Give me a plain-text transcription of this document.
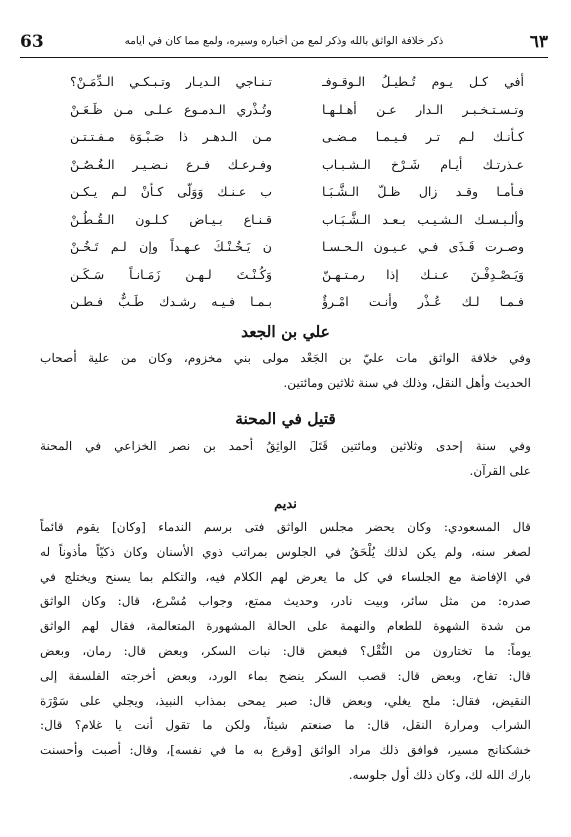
٦٣
ذكر خلافة الواثق بالله وذكر لمع من أخباره وسيره، ولمع مما كان في أيامه
63
أفي كـل يـوم تُـطيـلُ الـوقـوفـ
تـنـاجي الـديـار وتـبـكـي الـدِّمَـنْ؟
وتـسـتـخـبـر الـدار عـن أهـلـهـا
وتُـذْري الـدمـوع عـلـى مـن ظَـعَـنْ
كـأنـك لـم تـر فـيـمـا مـضـى
مـن الـدهـر ذا صَـبْـوَة مـفـتـتـن
عـذرتـك أيـام شَـرْخ الـشـبـاب
وفـرعـك فـرع نـضـيـر الـغُـصُـنْ
فـأمـا وقـد زال ظـلّ الـشَّـبَـا
ب عـنـك وَوَلّى كـأنْ لـم يـكـن
وألـبـسـك الـشـيـب بـعـد الـشَّـبَـاب
قـنـاع بـيـاض كـلـون الـقُـطُـنْ
وصـرت قَـذَى فـي عـيـون الـحـسـا
ن يَـخُـنْـكَ عـهـداً وإن لـم تَـخُـنْ
وَيَـصْـدِفْـنَ عـنـك إذا رمـتـهـنّ
وَكُـنْـتَ لـهـن زَمَـانـاً سَـكَـن
فـمـا لـك عُـذْر وأنـت امْـرؤٌ
بـمـا فـيـه رشـدك طَـبٌّ فـطـن
علي بن الجعد
وفي خلافة الواثق مات عليّ بن الجَعْد مولى بني مخزوم، وكان من علية أصحاب
الحديث وأهل النقل، وذلك في سنة ثلاثين ومائتين.
قتيل في المحنة
وفي سنة إحدى وثلاثين ومائتين قَتَلَ الواثِقُ أحمد بن نصر الخزاعي في المحنة
على القرآن.
نديم
قال المسعودي: وكان يحضر مجلس الواثق فتى برسم الندماء [وكان] يقوم قائماً
لصغر سنه، ولم يكن لذلك يُلْحَقُ في الجلوس بمراتب ذوي الأسنان وكان ذكيّاً مأذوناً له
في الإفاضة مع الجلساء في كل ما يعرض لهم الكلام فيه، والتكلم بما يسنح ويختلج في
صدره: من مثل سائر، وبيت نادر، وحديث ممتع، وجواب مُسْرع، قال: وكان الواثق
من شدة الشهوة للطعام والنهمة على الحالة المشهورة المتعالمة، فقال لهم الواثق
يوماً: ما تختارون من النُّقْل؟ فبعض قال: نبات السكر، وبعض قال: رمان، وبعض
قال: تفاح، وبعض قال: قصب السكر ينضح بماء الورد، وبعض أخرجته الفلسفة إلى
النقيض، فقال: ملح يغلي، وبعض قال: صبر يمحى بمذاب النبيذ، ويجلي على سَوْرَة
الشراب ومرارة النقل، قال: ما صنعتم شيئاً، ولكن ما تقول أنت يا غلام؟ قال:
خشكنانج مسير، فوافق ذلك مراد الواثق [وقرع به ما في نفسه]، وقال: أصبت وأحسنت
بارك الله لك، وكان ذلك أول جلوسه.
